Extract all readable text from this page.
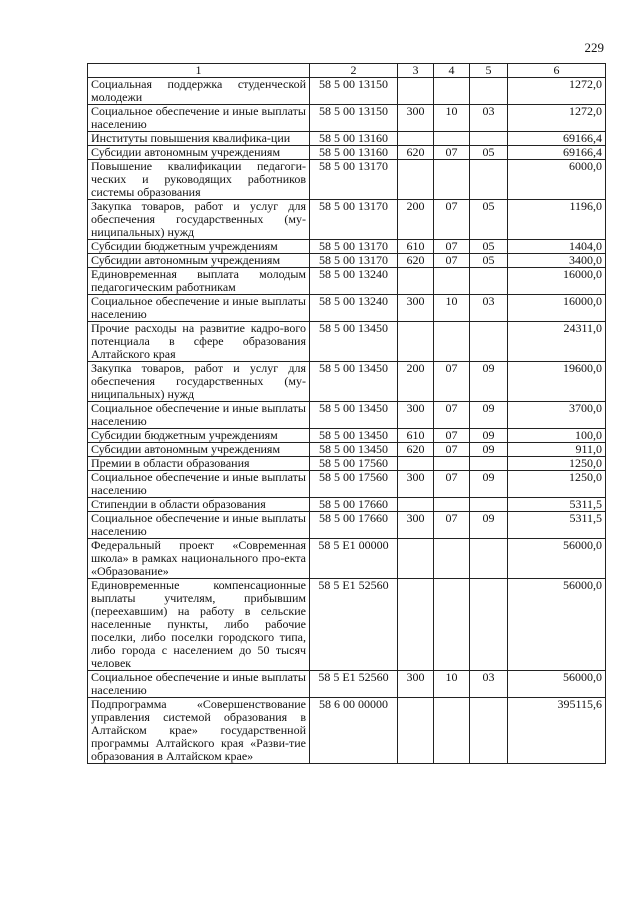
229
1	2	3	4	5	6
Социальная поддержка студенческой молодежи	58 5 00 13150				1272,0
Социальное обеспечение и иные выплаты населению	58 5 00 13150	300	10	03	1272,0
Институты повышения квалифика-ции	58 5 00 13160				69166,4
Субсидии автономным учреждениям	58 5 00 13160	620	07	05	69166,4
Повышение квалификации педагоги-ческих и руководящих работников системы образования	58 5 00 13170				6000,0
Закупка товаров, работ и услуг для обеспечения государственных (му-ниципальных) нужд	58 5 00 13170	200	07	05	1196,0
Субсидии бюджетным учреждениям	58 5 00 13170	610	07	05	1404,0
Субсидии автономным учреждениям	58 5 00 13170	620	07	05	3400,0
Единовременная выплата молодым педагогическим работникам	58 5 00 13240				16000,0
Социальное обеспечение и иные выплаты населению	58 5 00 13240	300	10	03	16000,0
Прочие расходы на развитие кадро-вого потенциала в сфере образования Алтайского края	58 5 00 13450				24311,0
Закупка товаров, работ и услуг для обеспечения государственных (му-ниципальных) нужд	58 5 00 13450	200	07	09	19600,0
Социальное обеспечение и иные выплаты населению	58 5 00 13450	300	07	09	3700,0
Субсидии бюджетным учреждениям	58 5 00 13450	610	07	09	100,0
Субсидии автономным учреждениям	58 5 00 13450	620	07	09	911,0
Премии в области образования	58 5 00 17560				1250,0
Социальное обеспечение и иные выплаты населению	58 5 00 17560	300	07	09	1250,0
Стипендии в области образования	58 5 00 17660				5311,5
Социальное обеспечение и иные выплаты населению	58 5 00 17660	300	07	09	5311,5
Федеральный проект «Современная школа» в рамках национального про-екта «Образование»	58 5 E1 00000				56000,0
Единовременные компенсационные выплаты учителям, прибывшим (переехавшим) на работу в сельские населенные пункты, либо рабочие поселки, либо поселки городского типа, либо города с населением до 50 тысяч человек	58 5 E1 52560				56000,0
Социальное обеспечение и иные выплаты населению	58 5 E1 52560	300	10	03	56000,0
Подпрограмма «Совершенствование управления системой образования в Алтайском крае» государственной программы Алтайского края «Разви-тие образования в Алтайском крае»	58 6 00 00000				395115,6
